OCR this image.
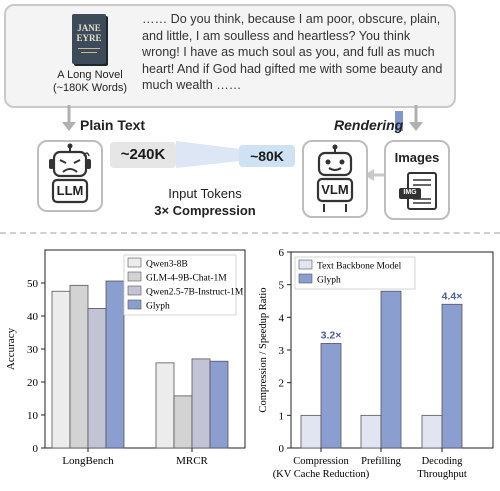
JANE
EYRE
A Long Novel
(~180K Words)
…… Do you think, because I am poor, obscure, plain, and little, I am soulless and heartless? You think wrong! I have as much soul as you, and full as much heart! And if God had gifted me with some beauty and much wealth ……
Plain Text	Rendering
LLM
~240K	~80K
Input Tokens
3× Compression
VLM
Images
IMG
0
10
20
30
40
50
Accuracy
LongBench	MRCR
Qwen3-8B
GLM-4-9B-Chat-1M
Qwen2.5-7B-Instruct-1M
Glyph
0
1
2
3
4
5
6
Compression / Speedup Ratio	3.2×
Compression
(KV Cache Reduction)
Prefilling
4.4×
Decoding
Throughput
Text Backbone Model
Glyph
